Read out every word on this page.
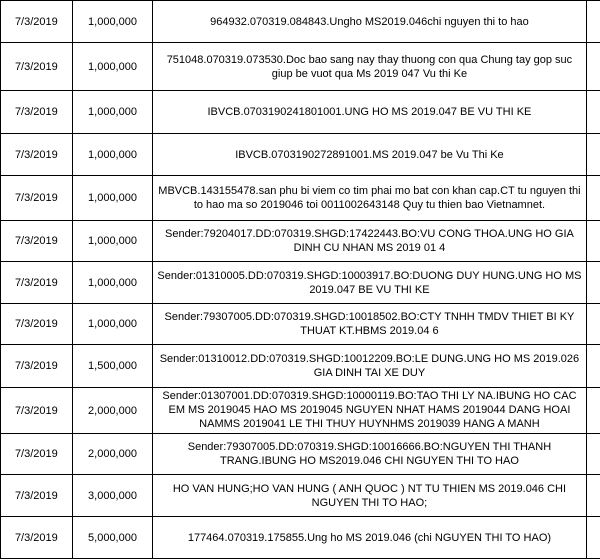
7/3/2019	1,000,000	964932.070319.084843.Ungho MS2019.046chi nguyen thi to hao	
7/3/2019	1,000,000	751048.070319.073530.Doc bao sang nay thay thuong con qua Chung tay gop suc giup be vuot qua Ms 2019 047 Vu thi Ke	
7/3/2019	1,000,000	IBVCB.0703190241801001.UNG HO MS 2019.047 BE VU THI KE	
7/3/2019	1,000,000	IBVCB.0703190272891001.MS 2019.047 be Vu Thi Ke	
7/3/2019	1,000,000	MBVCB.143155478.san phu bi viem co tim phai mo bat con khan cap.CT tu nguyen thi to hao ma so 2019046 toi 0011002643148 Quy tu thien bao Vietnamnet.	
7/3/2019	1,000,000	Sender:79204017.DD:070319.SHGD:17422443.BO:VU CONG THOA.UNG HO GIA DINH CU NHAN MS 2019 01 4	
7/3/2019	1,000,000	Sender:01310005.DD:070319.SHGD:10003917.BO:DUONG DUY HUNG.UNG HO MS 2019.047 BE VU THI KE	
7/3/2019	1,000,000	Sender:79307005.DD:070319.SHGD:10018502.BO:CTY TNHH TMDV THIET BI KY THUAT KT.HBMS 2019.04 6	
7/3/2019	1,500,000	Sender:01310012.DD:070319.SHGD:10012209.BO:LE DUNG.UNG HO MS 2019.026 GIA DINH TAI XE DUY	
7/3/2019	2,000,000	Sender:01307001.DD:070319.SHGD:10000119.BO:TAO THI LY NA.IBUNG HO CAC EM MS 2019045 HAO MS 2019045 NGUYEN NHAT HAMS 2019044 DANG HOAI NAMMS 2019041 LE THI THUY HUYNHMS 2019039 HANG A MANH	

7/3/2019	2,000,000	Sender:79307005.DD:070319.SHGD:10016666.BO:NGUYEN THI THANH TRANG.IBUNG HO MS2019.046 CHI NGUYEN THI TO HAO	
7/3/2019	3,000,000	HO VAN HUNG;HO VAN HUNG ( ANH QUOC ) NT TU THIEN MS 2019.046 CHI NGUYEN THI TO HAO;	
7/3/2019	5,000,000	177464.070319.175855.Ung ho MS 2019.046 (chi NGUYEN THI TO HAO)	
